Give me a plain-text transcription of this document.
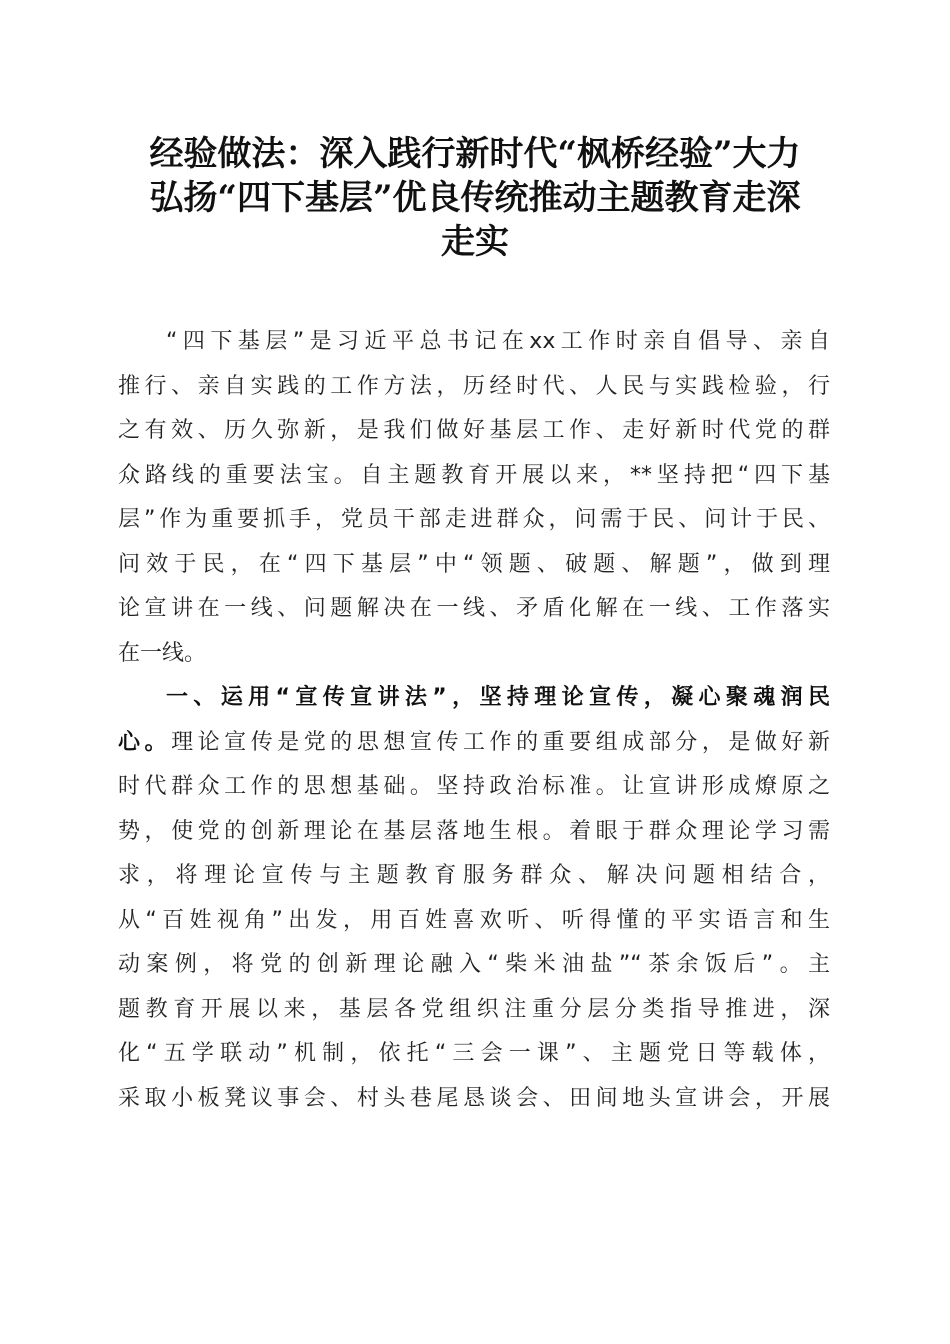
经验做法：深入践行新时代“枫桥经验”大力
弘扬“四下基层”优良传统推动主题教育走深
走实
“四下基层”是习近平总书记在xx工作时亲自倡导、亲自
推行、亲自实践的工作方法，历经时代、人民与实践检验，行
之有效、历久弥新，是我们做好基层工作、走好新时代党的群
众路线的重要法宝。自主题教育开展以来，**坚持把“四下基
层”作为重要抓手，党员干部走进群众，问需于民、问计于民、
问效于民，在“四下基层”中“领题、破题、解题”，做到理
论宣讲在一线、问题解决在一线、矛盾化解在一线、工作落实
在一线。
一、运用“宣传宣讲法”，坚持理论宣传，凝心聚魂润民
心。理论宣传是党的思想宣传工作的重要组成部分，是做好新
时代群众工作的思想基础。坚持政治标准。让宣讲形成燎原之
势，使党的创新理论在基层落地生根。着眼于群众理论学习需
求，将理论宣传与主题教育服务群众、解决问题相结合，
从“百姓视角”出发，用百姓喜欢听、听得懂的平实语言和生
动案例，将党的创新理论融入“柴米油盐”“茶余饭后”。主
题教育开展以来，基层各党组织注重分层分类指导推进，深
化“五学联动”机制，依托“三会一课”、主题党日等载体，
采取小板凳议事会、村头巷尾恳谈会、田间地头宣讲会，开展
